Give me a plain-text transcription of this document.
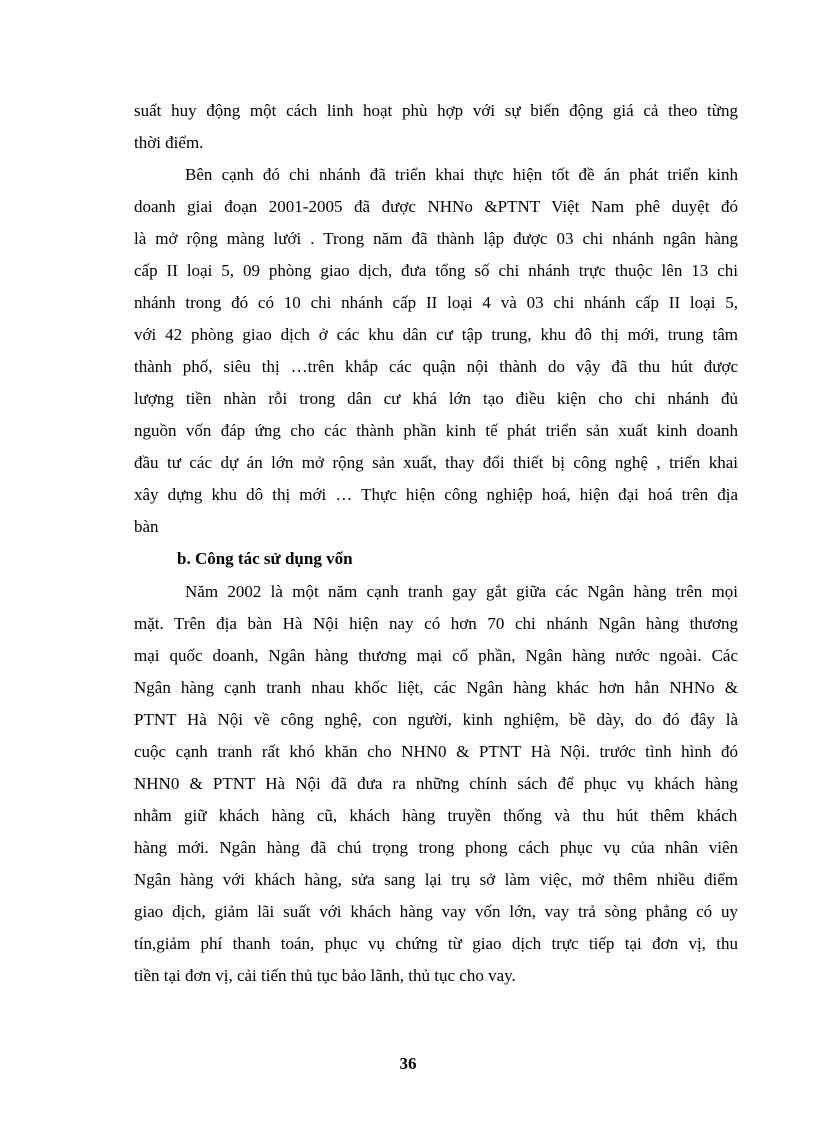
suất huy động một cách linh hoạt phù hợp với sự biến động giá cả theo từng
thời điểm.
Bên cạnh đó chi nhánh đã triển khai thực hiện tốt đề án phát triển kinh
doanh giai đoạn 2001-2005 đã được NHNo &PTNT Việt Nam phê duyệt đó
là mở rộng màng lưới . Trong năm đã thành lập được 03 chi nhánh ngân hàng
cấp II loại 5, 09 phòng giao dịch, đưa tổng số chi nhánh trực thuộc lên 13 chi
nhánh trong đó có 10 chi nhánh cấp II loại 4 và 03 chi nhánh cấp II loại 5,
với 42 phòng giao dịch ở các khu dân cư tập trung, khu đô thị mới, trung tâm
thành phố, siêu thị …trên khắp các quận nội thành do vậy đã thu hút được
lượng tiền nhàn rỗi trong dân cư khá lớn tạo điều kiện cho chi nhánh đủ
nguồn vốn đáp ứng cho các thành phần kinh tế phát triển sản xuất kinh doanh
đầu tư các dự án lớn mở rộng sản xuất, thay đổi thiết bị công nghệ , triển khai
xây dựng khu dô thị mới … Thực hiện công nghiệp hoá, hiện đại hoá trên địa
bàn
b. Công tác sử dụng vốn
Năm 2002 là một năm cạnh tranh gay gắt giữa các Ngân hàng trên mọi
mặt. Trên địa bàn Hà Nội hiện nay có hơn 70 chi nhánh Ngân hàng thương
mại quốc doanh, Ngân hàng thương mại cổ phần, Ngân hàng nước ngoài. Các
Ngân hàng cạnh tranh nhau khốc liệt, các Ngân hàng khác hơn hẳn NHNo &
PTNT Hà Nội về công nghệ, con người, kinh nghiệm, bề dày, do đó đây là
cuộc cạnh tranh rất khó khăn cho NHN0 & PTNT Hà Nội. trước tình hình đó
NHN0 & PTNT Hà Nội đã đưa ra những chính sách để phục vụ khách hàng
nhằm giữ khách hàng cũ, khách hàng truyền thống và thu hút thêm khách
hàng mới. Ngân hàng đã chú trọng trong phong cách phục vụ của nhân viên
Ngân hàng với khách hàng, sửa sang lại trụ sở làm việc, mở thêm nhiều điểm
giao dịch, giảm lãi suất với khách hàng vay vốn lớn, vay trả sòng phẳng có uy
tín,giảm phí thanh toán, phục vụ chứng từ giao dịch trực tiếp tại đơn vị, thu
tiền tại đơn vị, cải tiến thủ tục bảo lãnh, thủ tục cho vay.
36
